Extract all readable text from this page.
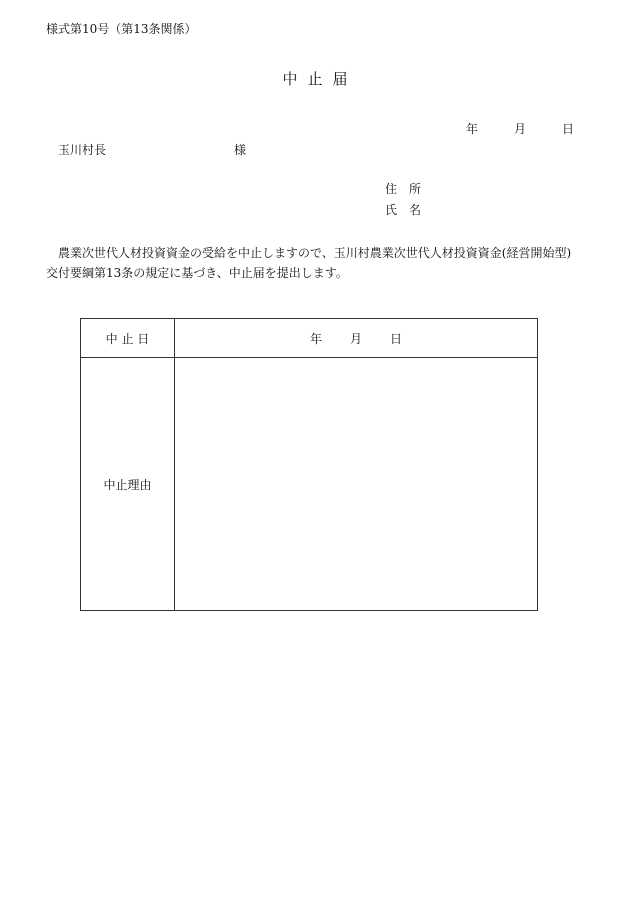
様式第10号（第13条関係）
中 止 届
年	月	日
玉川村長	様
住 所
氏 名

農業次世代人材投資資金の受給を中止しますので、玉川村農業次世代人材投資資金(経営開始型)

交付要綱第13条の規定に基づき、中止届を提出します。

中 止 日	年 月 日
中止理由	
